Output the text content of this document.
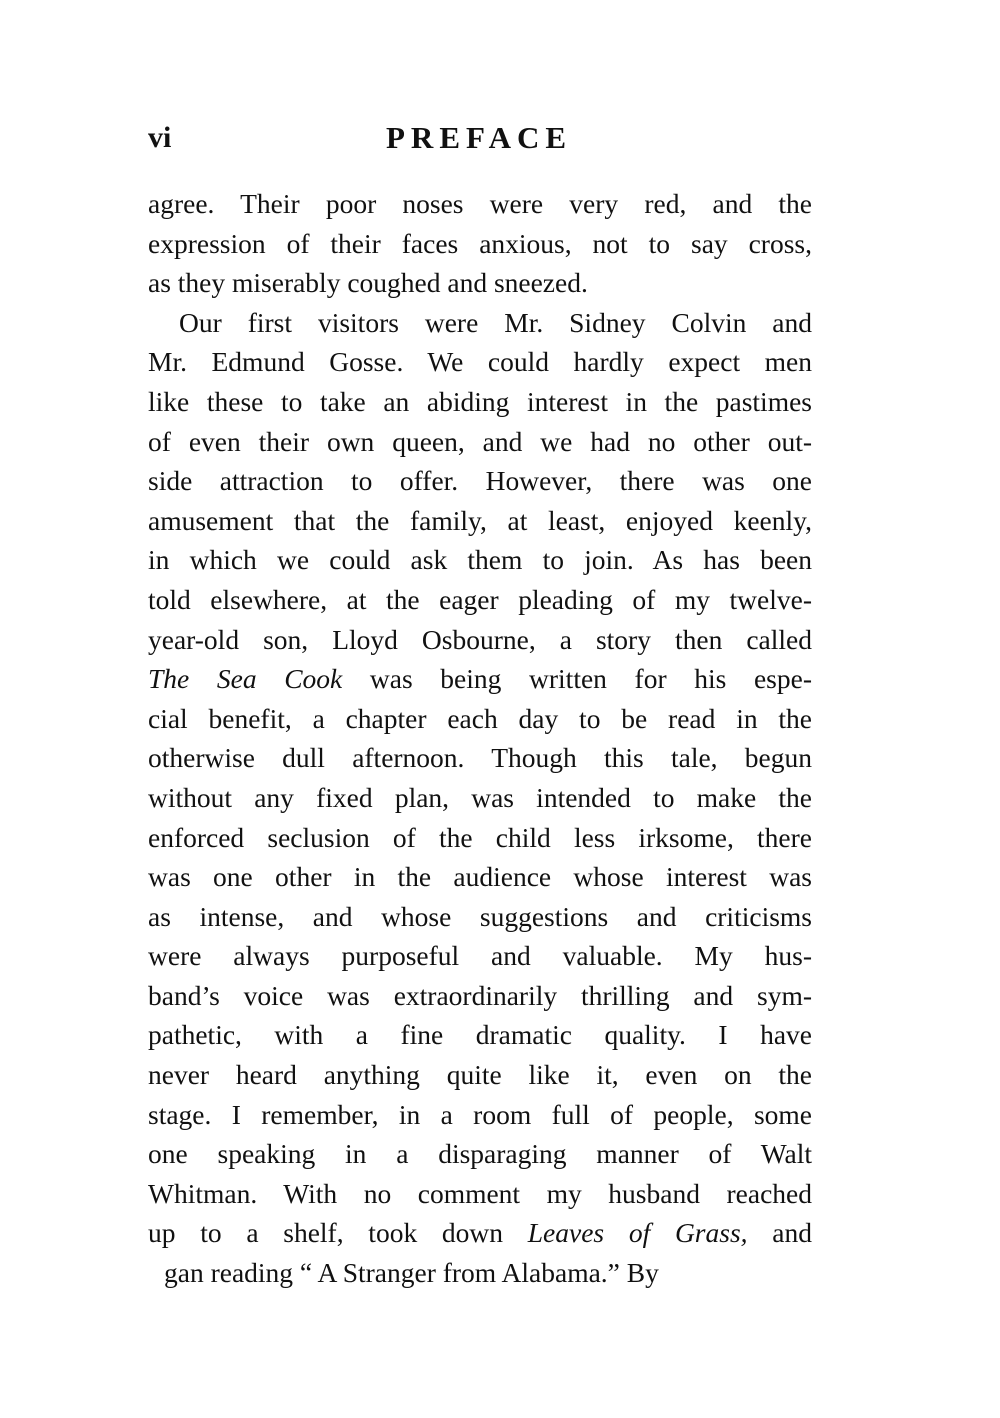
vi	PREFACE
agree. Their poor noses were very red, and the
expression of their faces anxious, not to say cross,
as they miserably coughed and sneezed.
Our first visitors were Mr. Sidney Colvin and
Mr. Edmund Gosse. We could hardly expect men
like these to take an abiding interest in the pastimes
of even their own queen, and we had no other out-
side attraction to offer. However, there was one
amusement that the family, at least, enjoyed keenly,
in which we could ask them to join. As has been
told elsewhere, at the eager pleading of my twelve-
year-old son, Lloyd Osbourne, a story then called
The Sea Cook was being written for his espe-
cial benefit, a chapter each day to be read in the
otherwise dull afternoon. Though this tale, begun
without any fixed plan, was intended to make the
enforced seclusion of the child less irksome, there
was one other in the audience whose interest was
as intense, and whose suggestions and criticisms
were always purposeful and valuable. My hus-
band’s voice was extraordinarily thrilling and sym-
pathetic, with a fine dramatic quality. I have
never heard anything quite like it, even on the
stage. I remember, in a room full of people, some
one speaking in a disparaging manner of Walt
Whitman. With no comment my husband reached
up to a shelf, took down Leaves of Grass, and
gan reading “ A Stranger from Alabama.” By
